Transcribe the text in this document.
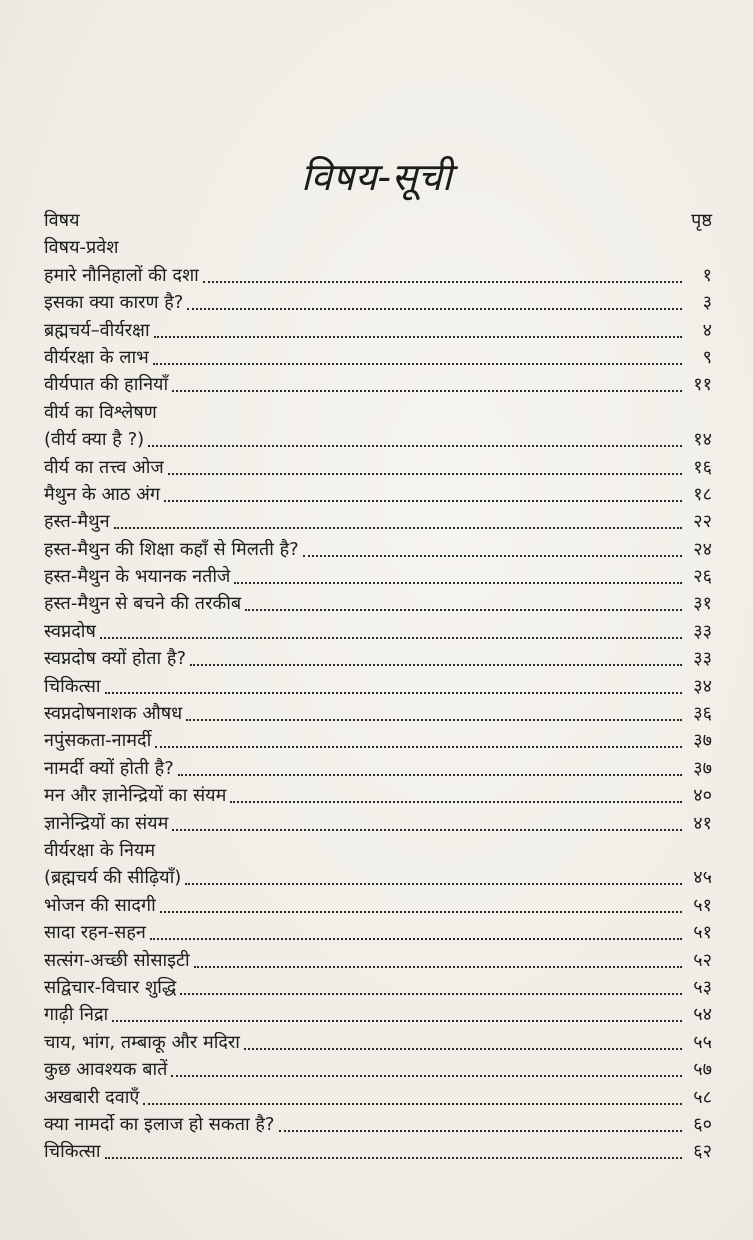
विषय-सूची
विषय	पृष्ठ
विषय-प्रवेश
हमारे नौनिहालों की दशा	१
इसका क्या कारण है?	३
ब्रह्मचर्य–वीर्यरक्षा	४
वीर्यरक्षा के लाभ	९
वीर्यपात की हानियाँ	११
वीर्य का विश्लेषण
(वीर्य क्या है ?)	१४
वीर्य का तत्त्व ओज	१६
मैथुन के आठ अंग	१८
हस्त-मैथुन	२२
हस्त-मैथुन की शिक्षा कहाँ से मिलती है?	२४
हस्त-मैथुन के भयानक नतीजे	२६
हस्त-मैथुन से बचने की तरकीब	३१
स्वप्नदोष	३३
स्वप्नदोष क्यों होता है?	३३
चिकित्सा	३४
स्वप्नदोषनाशक औषध	३६
नपुंसकता-नामर्दी	३७
नामर्दी क्यों होती है?	३७
मन और ज्ञानेन्द्रियों का संयम	४०
ज्ञानेन्द्रियों का संयम	४१
वीर्यरक्षा के नियम
(ब्रह्मचर्य की सीढ़ियाँ)	४५
भोजन की सादगी	५१
सादा रहन-सहन	५१
सत्संग-अच्छी सोसाइटी	५२
सद्विचार-विचार शुद्धि	५३
गाढ़ी निद्रा	५४
चाय, भांग, तम्बाकू और मदिरा	५५
कुछ आवश्यक बातें	५७
अखबारी दवाएँ	५८
क्या नामर्दो का इलाज हो सकता है?	६०
चिकित्सा	६२
